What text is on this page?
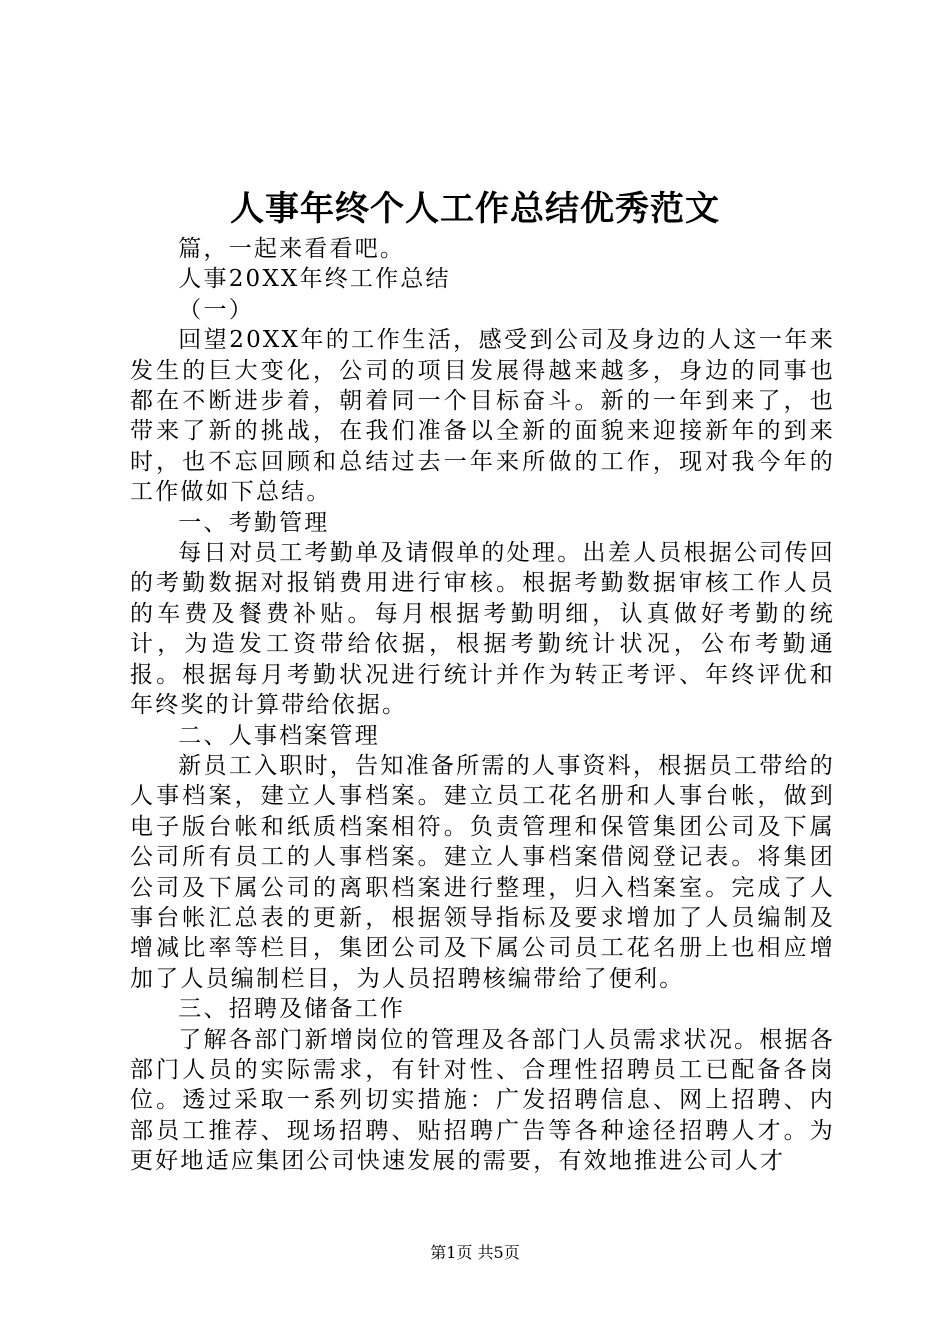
人事年终个人工作总结优秀范文

篇，一起来看看吧。

人事20XX年终工作总结

（一）

回望20XX年的工作生活，感受到公司及身边的人这一年来发生的巨大变化，公司的项目发展得越来越多，身边的同事也都在不断进步着，朝着同一个目标奋斗。新的一年到来了，也带来了新的挑战，在我们准备以全新的面貌来迎接新年的到来时，也不忘回顾和总结过去一年来所做的工作，现对我今年的工作做如下总结。

一、考勤管理

每日对员工考勤单及请假单的处理。出差人员根据公司传回的考勤数据对报销费用进行审核。根据考勤数据审核工作人员的车费及餐费补贴。每月根据考勤明细，认真做好考勤的统计，为造发工资带给依据，根据考勤统计状况，公布考勤通报。根据每月考勤状况进行统计并作为转正考评、年终评优和年终奖的计算带给依据。

二、人事档案管理

新员工入职时，告知准备所需的人事资料，根据员工带给的人事档案，建立人事档案。建立员工花名册和人事台帐，做到电子版台帐和纸质档案相符。负责管理和保管集团公司及下属公司所有员工的人事档案。建立人事档案借阅登记表。将集团公司及下属公司的离职档案进行整理，归入档案室。完成了人事台帐汇总表的更新，根据领导指标及要求增加了人员编制及增减比率等栏目，集团公司及下属公司员工花名册上也相应增加了人员编制栏目，为人员招聘核编带给了便利。

三、招聘及储备工作

了解各部门新增岗位的管理及各部门人员需求状况。根据各部门人员的实际需求，有针对性、合理性招聘员工已配备各岗位。透过采取一系列切实措施：广发招聘信息、网上招聘、内部员工推荐、现场招聘、贴招聘广告等各种途径招聘人才。为更好地适应集团公司快速发展的需要，有效地推进公司人才

第1页 共5页
